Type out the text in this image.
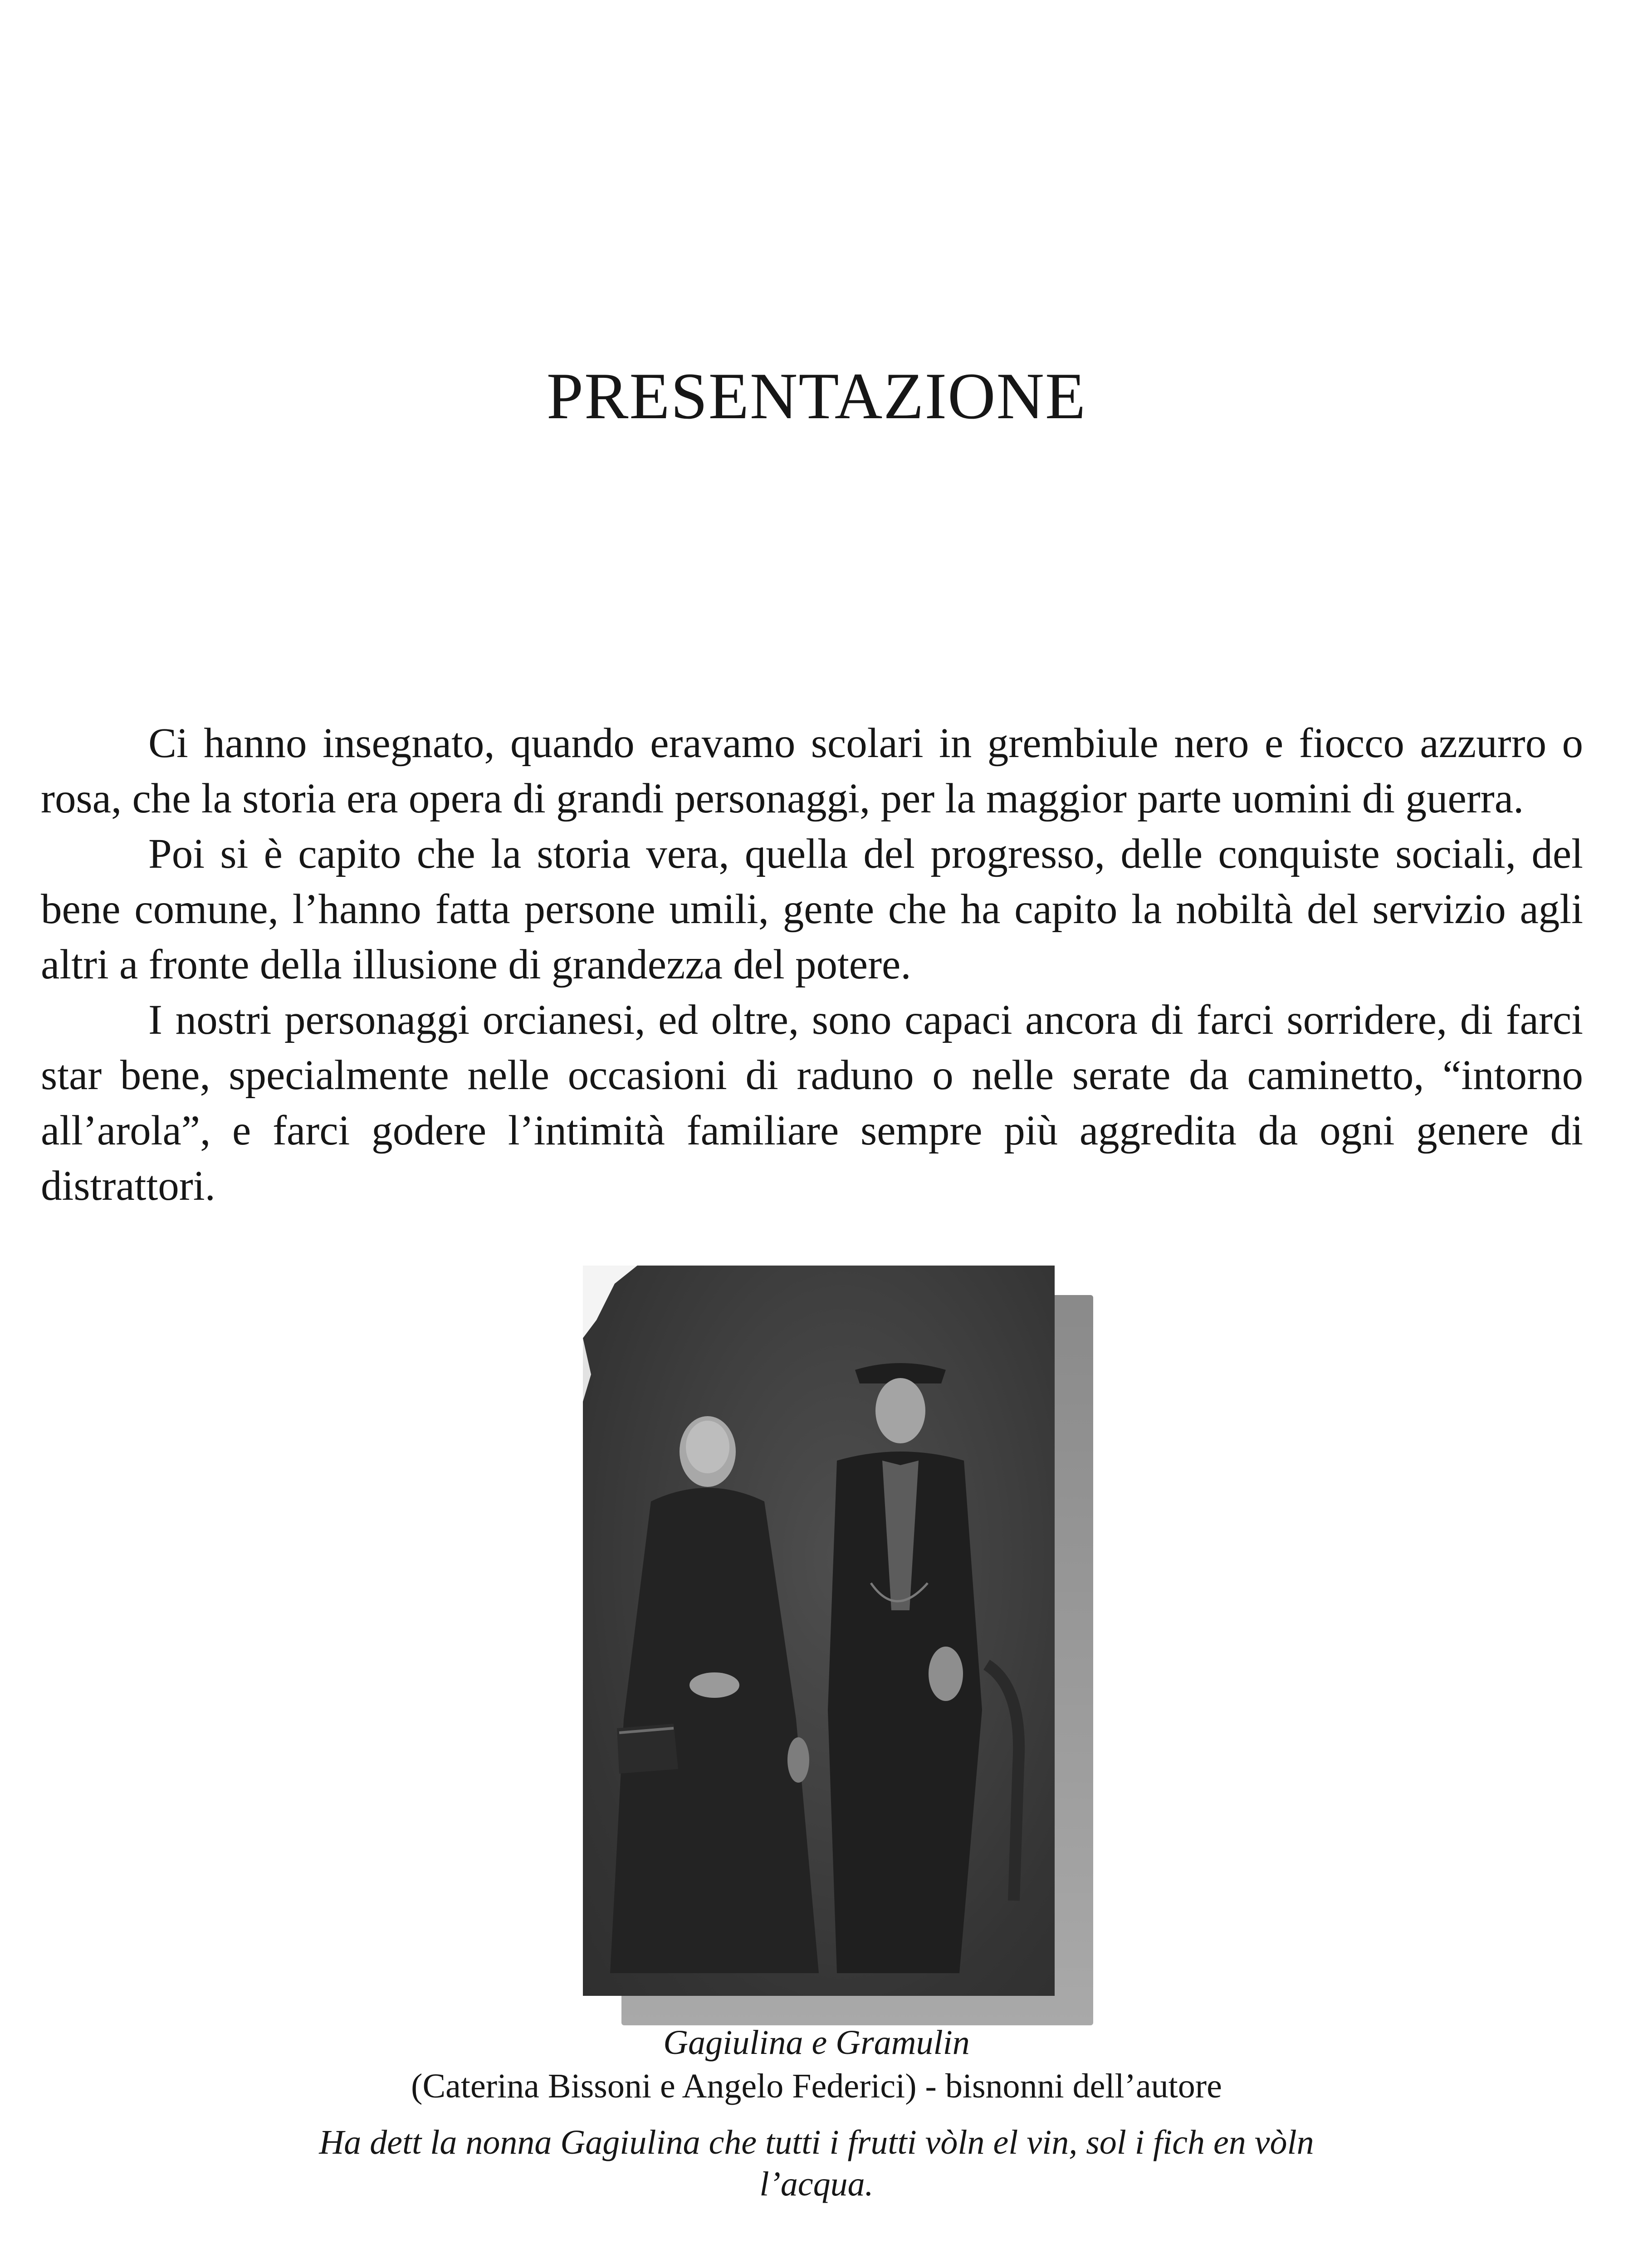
PRESENTAZIONE

Ci hanno insegnato, quando eravamo scolari in grembiule nero e fiocco azzurro o rosa, che la storia era opera di grandi personaggi, per la maggior parte uomini di guerra.

Poi si è capito che la storia vera, quella del progresso, delle conquiste sociali, del bene comune, l’hanno fatta persone umili, gente che ha capito la nobiltà del servizio agli altri a fronte della illusione di grandezza del potere.

I nostri personaggi orcianesi, ed oltre, sono capaci ancora di farci sorridere, di farci star bene, specialmente nelle occasioni di raduno o nelle serate da caminetto, “intorno all’arola”, e farci godere l’intimità familiare sempre più aggredita da ogni genere di distrattori.

Gagiulina e Gramulin
(Caterina Bissoni e Angelo Federici) - bisnonni dell’autore
Ha dett la nonna Gagiulina che tutti i frutti vòln el vin, sol i fich en vòln l’acqua.
